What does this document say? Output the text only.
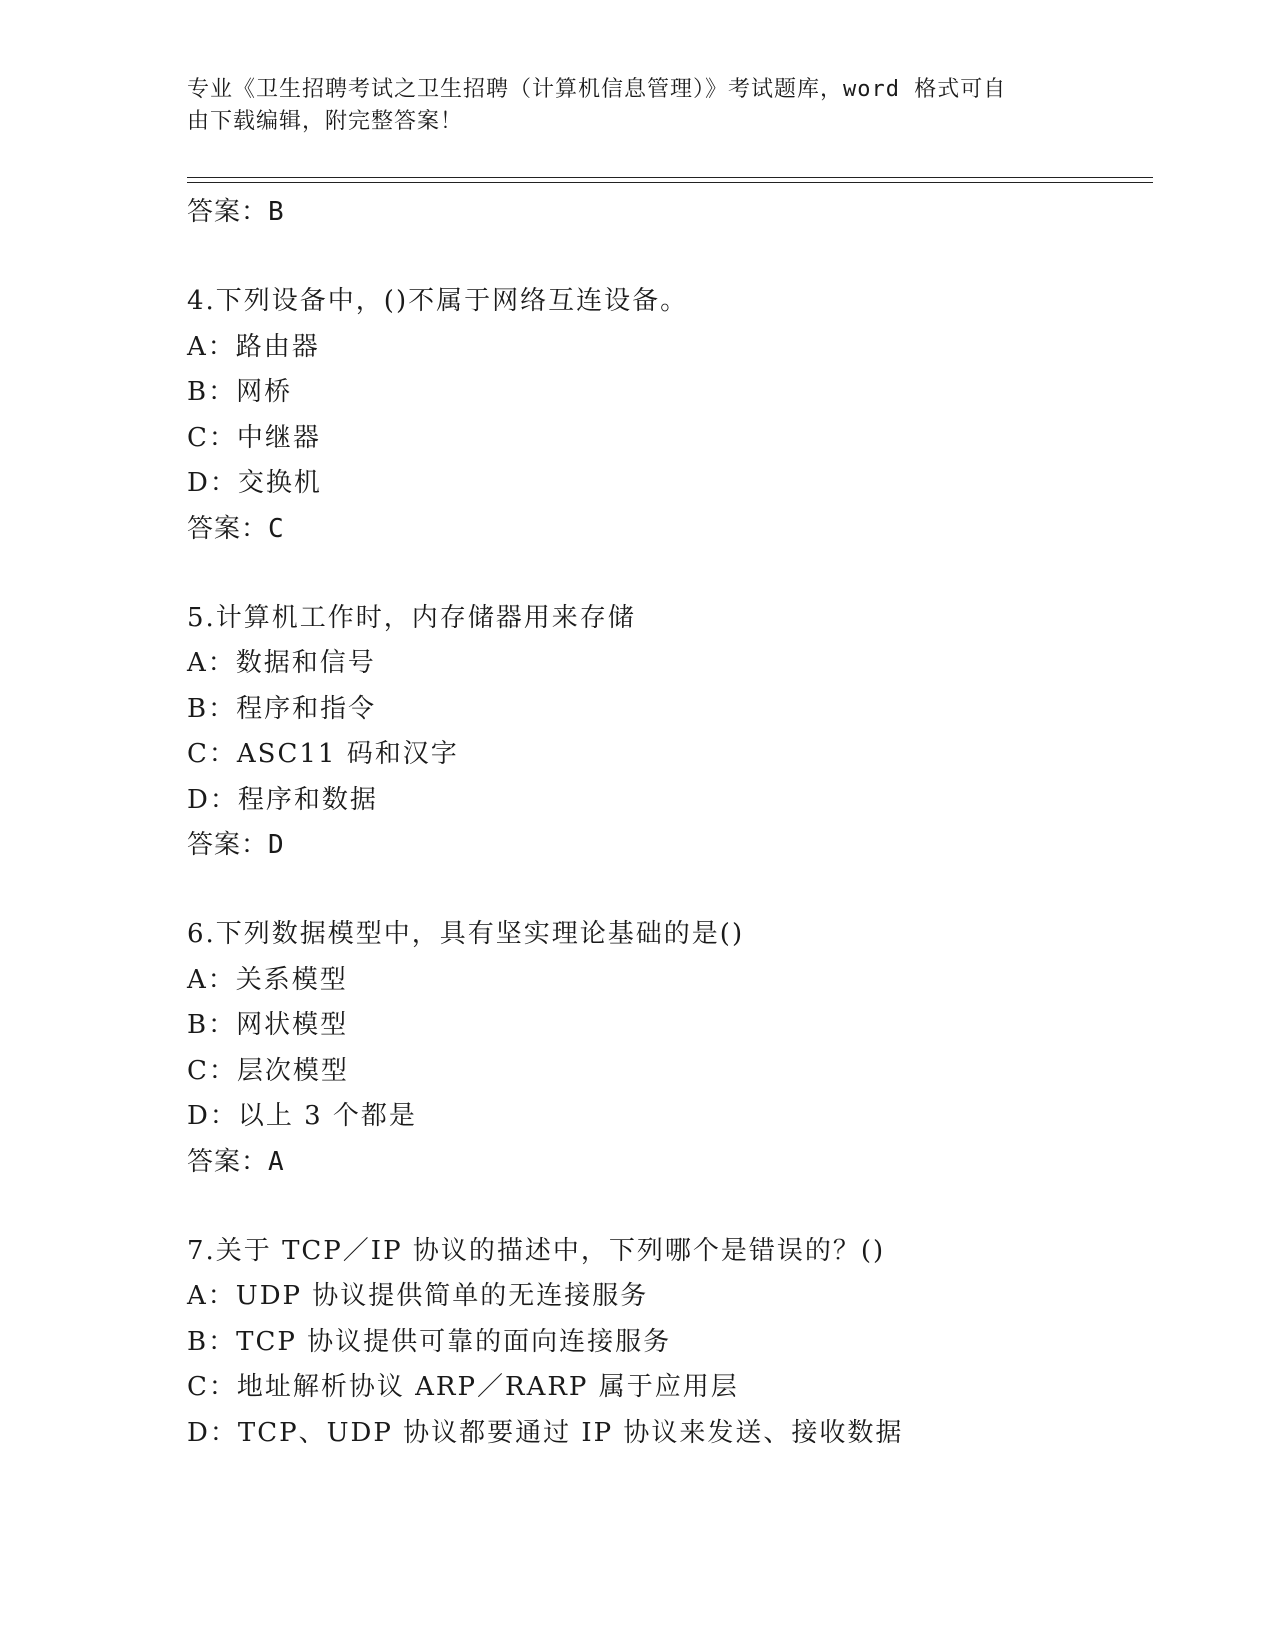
专业《卫生招聘考试之卫生招聘（计算机信息管理）》考试题库，word 格式可自
由下载编辑，附完整答案！
答案：B
4.下列设备中，()不属于网络互连设备。
A：路由器
B：网桥
C：中继器
D：交换机
答案：C
5.计算机工作时，内存储器用来存储
A：数据和信号
B：程序和指令
C：ASC11 码和汉字
D：程序和数据
答案：D
6.下列数据模型中，具有坚实理论基础的是()
A：关系模型
B：网状模型
C：层次模型
D：以上 3 个都是
答案：A
7.关于 TCP／IP 协议的描述中，下列哪个是错误的？()
A：UDP 协议提供简单的无连接服务
B：TCP 协议提供可靠的面向连接服务
C：地址解析协议 ARP／RARP 属于应用层
D：TCP、UDP 协议都要通过 IP 协议来发送、接收数据
